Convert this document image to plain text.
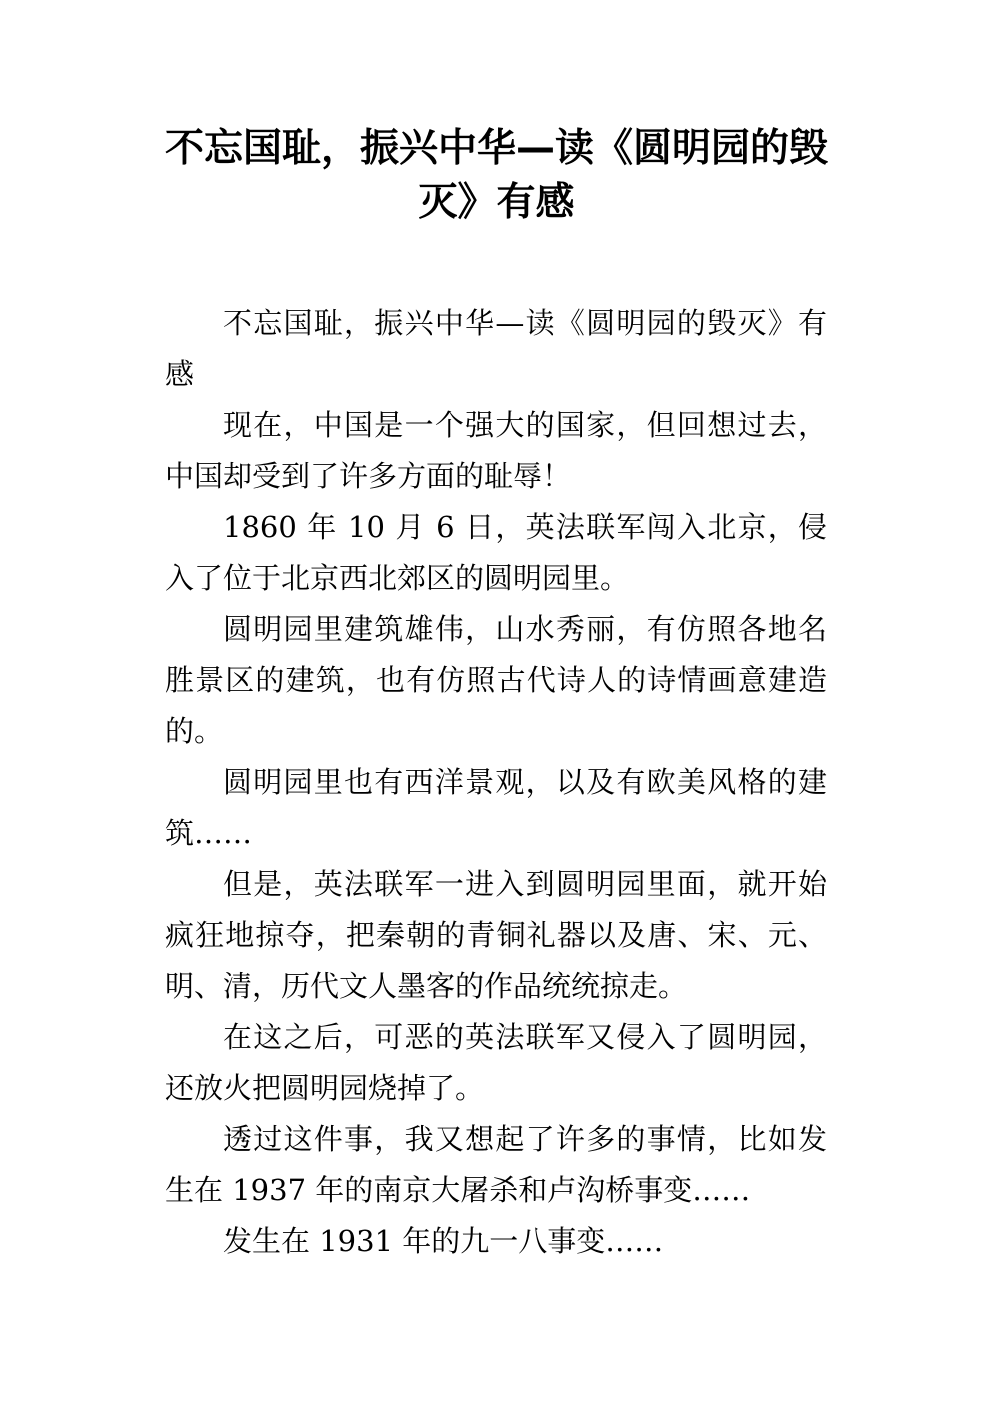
不忘国耻，振兴中华—读《圆明园的毁灭》有感

不忘国耻，振兴中华—读《圆明园的毁灭》有感

现在，中国是一个强大的国家，但回想过去，中国却受到了许多方面的耻辱！

1860 年 10 月 6 日，英法联军闯入北京，侵入了位于北京西北郊区的圆明园里。

圆明园里建筑雄伟，山水秀丽，有仿照各地名胜景区的建筑，也有仿照古代诗人的诗情画意建造的。

圆明园里也有西洋景观，以及有欧美风格的建筑……

但是，英法联军一进入到圆明园里面，就开始疯狂地掠夺，把秦朝的青铜礼器以及唐、宋、元、明、清，历代文人墨客的作品统统掠走。

在这之后，可恶的英法联军又侵入了圆明园，还放火把圆明园烧掉了。

透过这件事，我又想起了许多的事情，比如发生在 1937 年的南京大屠杀和卢沟桥事变……

发生在 1931 年的九一八事变……
